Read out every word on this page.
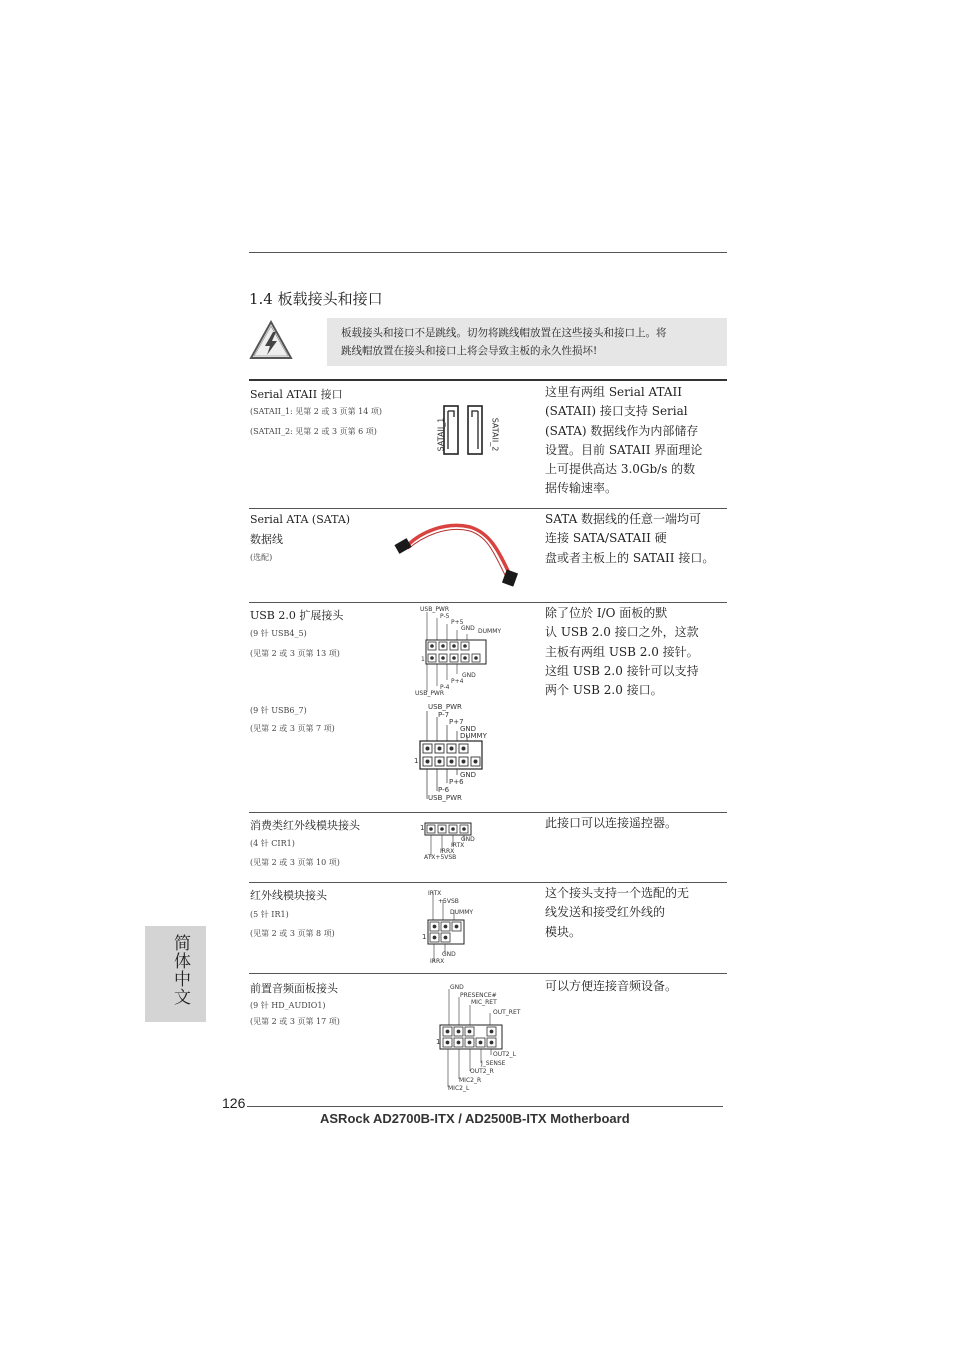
1.4 板载接头和接口
板载接头和接口不是跳线。切勿将跳线帽放置在这些接头和接口上。将
跳线帽放置在接头和接口上将会导致主板的永久性损坏!
Serial ATAII 接口
(SATAII_1: 见第 2 或 3 页第 14 项)
(SATAII_2: 见第 2 或 3 页第 6 项)	SATAII_1	SATAII_2
这里有两组 Serial ATAII
(SATAII) 接口支持 Serial
(SATA) 数据线作为内部储存
设置。目前 SATAII 界面理论
上可提供高达 3.0Gb/s 的数
据传输速率。
Serial ATA (SATA)
数据线
(选配)
SATA 数据线的任意一端均可
连接 SATA/SATAII 硬
盘或者主板上的 SATAII 接口。
USB 2.0 扩展接头
(9 针 USB4_5)
(见第 2 或 3 页第 13 项)
(9 针 USB6_7)
(见第 2 或 3 页第 7 项)
USB_PWR
P-5
P+5
GND DUMMY
1
GND
P+4
P-4
USB_PWR
USB_PWR
P-7
P+7
GND
DUMMY
1
GND
P+6
P-6
USB_PWR
除了位於 I/O 面板的默
认 USB 2.0 接口之外，这款
主板有两组 USB 2.0 接针。
这组 USB 2.0 接针可以支持
两个 USB 2.0 接口。
消费类红外线模块接头
(4 针 CIR1)
(见第 2 或 3 页第 10 项)
1
GND
IRTX
IRRX
ATX+5VSB
此接口可以连接遥控器。
红外线模块接头
(5 针 IR1)
(见第 2 或 3 页第 8 项)
IRTX
+5VSB
DUMMY
1
GND
IRRX
这个接头支持一个选配的无
线发送和接受红外线的
模块。
前置音频面板接头
(9 针 HD_AUDIO1)
(见第 2 或 3 页第 17 项)
GND
PRESENCE#
MIC_RET
OUT_RET
1
OUT2_L
J_SENSE
OUT2_R
MIC2_R
MIC2_L
可以方便连接音频设备。
简体中文
126
ASRock AD2700B-ITX / AD2500B-ITX Motherboard
